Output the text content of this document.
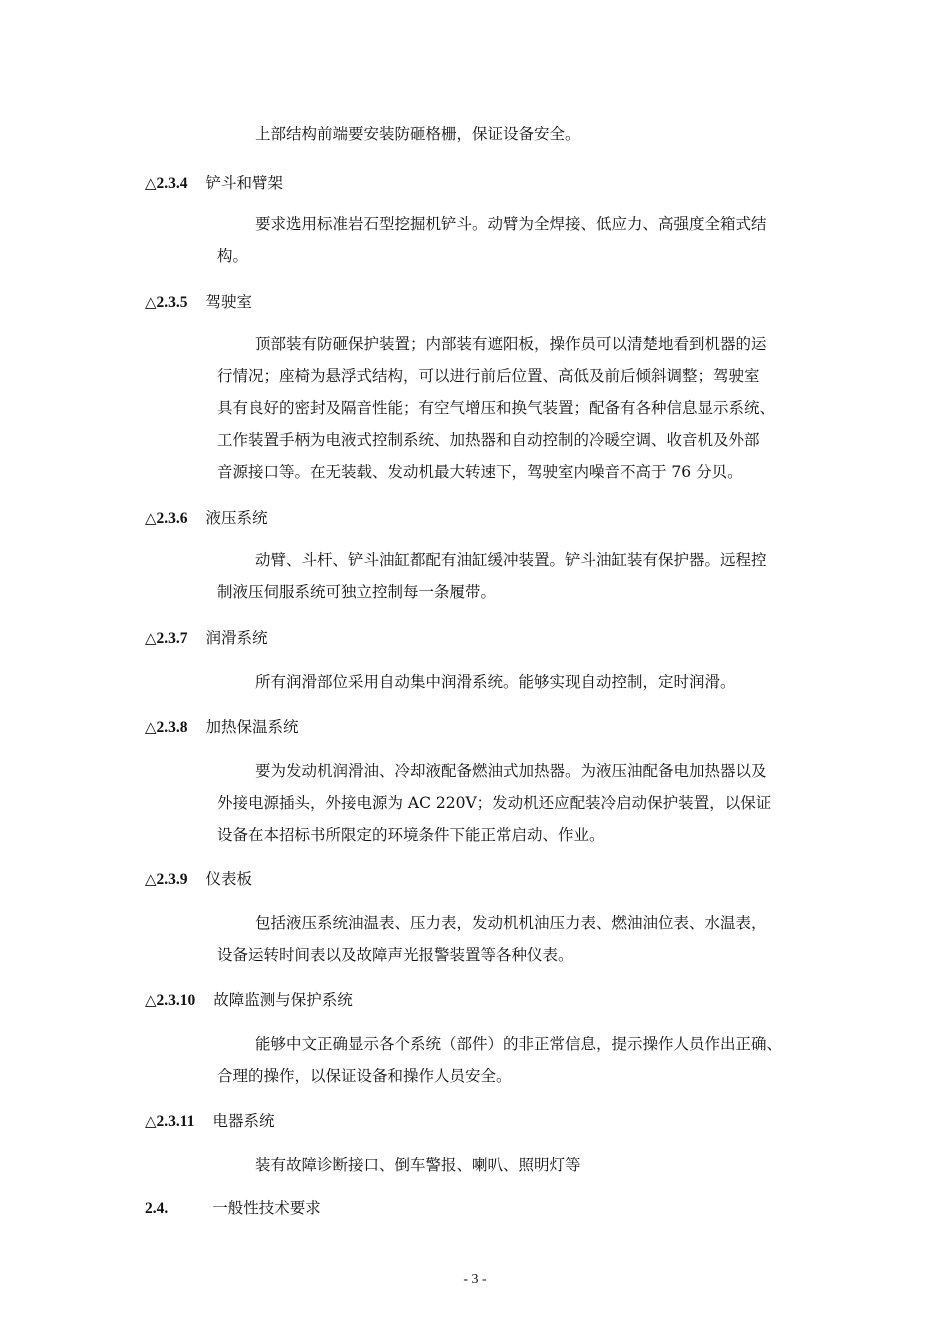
上部结构前端要安装防砸格栅，保证设备安全。
△2.3.4 铲斗和臂架
要求选用标准岩石型挖掘机铲斗。动臂为全焊接、低应力、高强度全箱式结
构。
△2.3.5 驾驶室
顶部装有防砸保护装置；内部装有遮阳板，操作员可以清楚地看到机器的运
行情况；座椅为悬浮式结构，可以进行前后位置、高低及前后倾斜调整；驾驶室
具有良好的密封及隔音性能；有空气增压和换气装置；配备有各种信息显示系统、
工作装置手柄为电液式控制系统、加热器和自动控制的冷暖空调、收音机及外部
音源接口等。在无装载、发动机最大转速下，驾驶室内噪音不高于 76 分贝。
△2.3.6 液压系统
动臂、斗杆、铲斗油缸都配有油缸缓冲装置。铲斗油缸装有保护器。远程控
制液压伺服系统可独立控制每一条履带。
△2.3.7 润滑系统
所有润滑部位采用自动集中润滑系统。能够实现自动控制，定时润滑。
△2.3.8 加热保温系统
要为发动机润滑油、冷却液配备燃油式加热器。为液压油配备电加热器以及
外接电源插头，外接电源为 AC 220V；发动机还应配装冷启动保护装置，以保证
设备在本招标书所限定的环境条件下能正常启动、作业。
△2.3.9 仪表板
包括液压系统油温表、压力表，发动机机油压力表、燃油油位表、水温表，
设备运转时间表以及故障声光报警装置等各种仪表。
△2.3.10 故障监测与保护系统
能够中文正确显示各个系统（部件）的非正常信息，提示操作人员作出正确、
合理的操作，以保证设备和操作人员安全。
△2.3.11 电器系统
装有故障诊断接口、倒车警报、喇叭、照明灯等
2.4.	一般性技术要求
- 3 -
